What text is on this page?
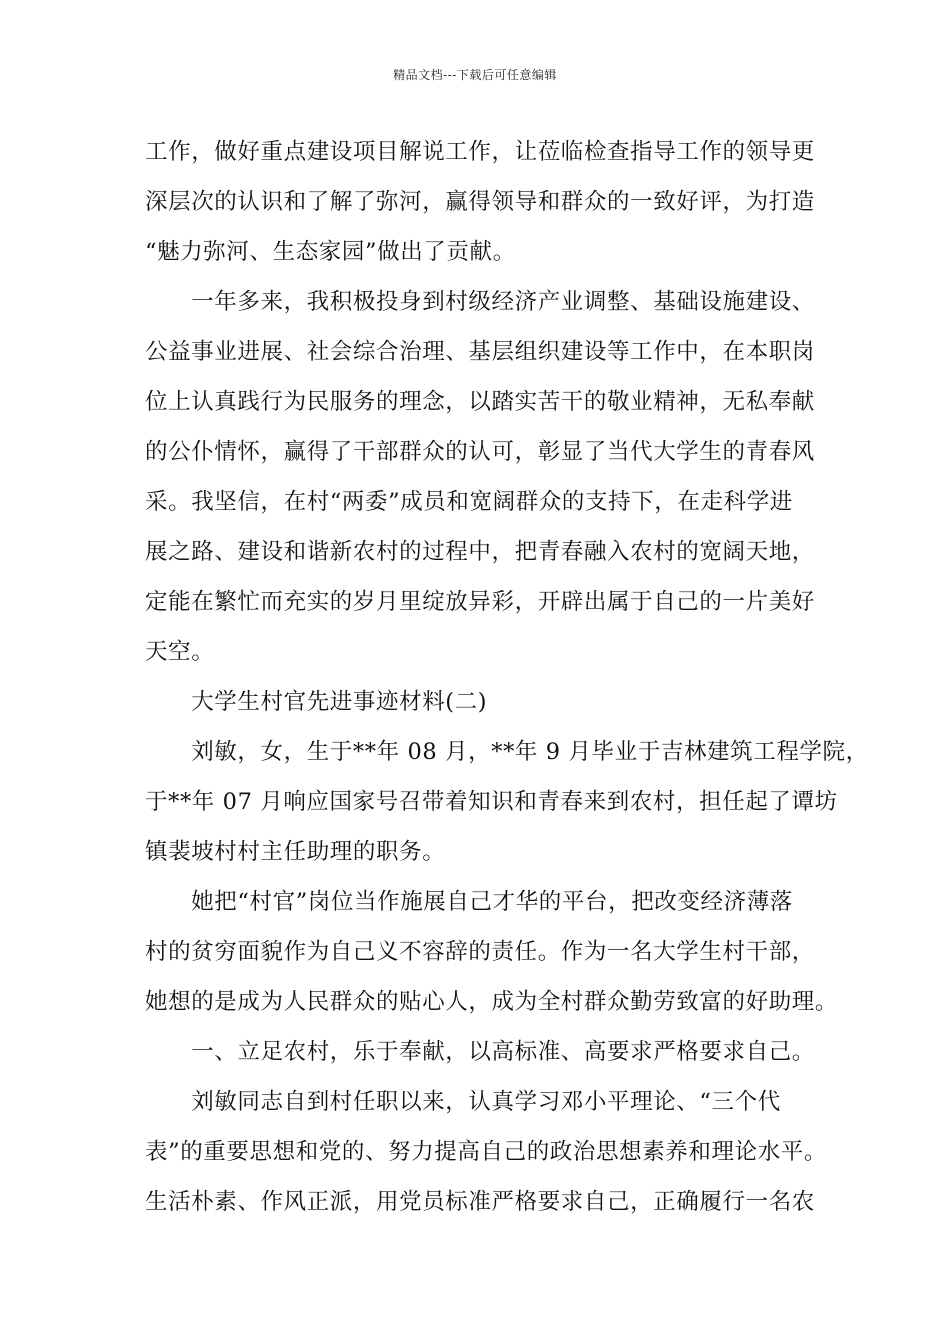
精品文档---下载后可任意编辑
工作，做好重点建设项目解说工作，让莅临检查指导工作的领导更
深层次的认识和了解了弥河，赢得领导和群众的一致好评，为打造
“魅力弥河、生态家园”做出了贡献。
　　一年多来，我积极投身到村级经济产业调整、基础设施建设、
公益事业进展、社会综合治理、基层组织建设等工作中，在本职岗
位上认真践行为民服务的理念，以踏实苦干的敬业精神，无私奉献
的公仆情怀，赢得了干部群众的认可，彰显了当代大学生的青春风
采。我坚信，在村“两委”成员和宽阔群众的支持下，在走科学进
展之路、建设和谐新农村的过程中，把青春融入农村的宽阔天地，
定能在繁忙而充实的岁月里绽放异彩，开辟出属于自己的一片美好
天空。
　　大学生村官先进事迹材料(二)
　　刘敏，女，生于**年 08 月，**年 9 月毕业于吉林建筑工程学院，
于**年 07 月响应国家号召带着知识和青春来到农村，担任起了谭坊
镇裴坡村村主任助理的职务。
　　她把“村官”岗位当作施展自己才华的平台，把改变经济薄落
村的贫穷面貌作为自己义不容辞的责任。作为一名大学生村干部，
她想的是成为人民群众的贴心人，成为全村群众勤劳致富的好助理。
　　一、立足农村，乐于奉献，以高标准、高要求严格要求自己。
　　刘敏同志自到村任职以来，认真学习邓小平理论、“三个代
表”的重要思想和党的、努力提高自己的政治思想素养和理论水平。
生活朴素、作风正派，用党员标准严格要求自己，正确履行一名农
